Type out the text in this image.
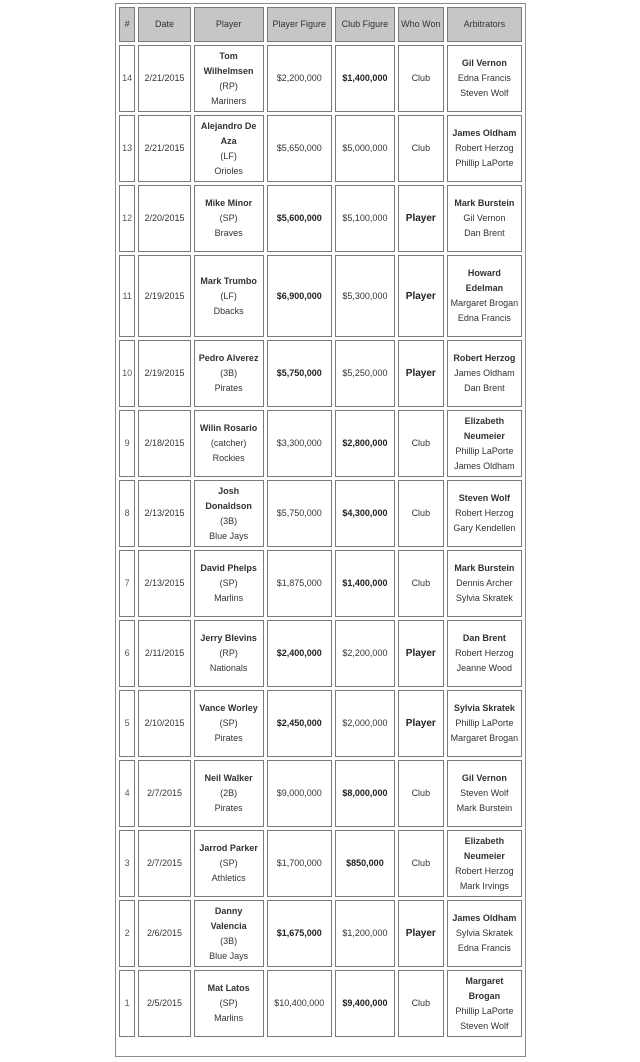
#	Date	Player	Player Figure	Club Figure	Who Won	Arbitrators
14	2/21/2015	Tom Wilhelmsen
(RP)
Mariners	$2,200,000	$1,400,000	Club	Gil Vernon
Edna Francis
Steven Wolf

13	2/21/2015	Alejandro De Aza
(LF)
Orioles	$5,650,000	$5,000,000	Club	James Oldham
Robert Herzog
Phillip LaPorte

12	2/20/2015	Mike Minor
(SP)
Braves	$5,600,000	$5,100,000	Player	Mark Burstein
Gil Vernon
Dan Brent

11	2/19/2015	Mark Trumbo
(LF)
Dbacks	$6,900,000	$5,300,000	Player	Howard Edelman
Margaret Brogan
Edna Francis

10	2/19/2015	Pedro Alverez
(3B)
Pirates	$5,750,000	$5,250,000	Player	Robert Herzog
James Oldham
Dan Brent

9	2/18/2015	Wilin Rosario
(catcher)
Rockies	$3,300,000	$2,800,000	Club	Elizabeth Neumeier
Phillip LaPorte
James Oldham

8	2/13/2015	Josh Donaldson
(3B)
Blue Jays	$5,750,000	$4,300,000	Club	Steven Wolf
Robert Herzog
Gary Kendellen

7	2/13/2015	David Phelps
(SP)
Marlins	$1,875,000	$1,400,000	Club	Mark Burstein
Dennis Archer
Sylvia Skratek

6	2/11/2015	Jerry Blevins
(RP)
Nationals	$2,400,000	$2,200,000	Player	Dan Brent
Robert Herzog
Jeanne Wood

5	2/10/2015	Vance Worley
(SP)
Pirates	$2,450,000	$2,000,000	Player	Sylvia Skratek
Phillip LaPorte
Margaret Brogan

4	2/7/2015	Neil Walker
(2B)
Pirates	$9,000,000	$8,000,000	Club	Gil Vernon
Steven Wolf
Mark Burstein

3	2/7/2015	Jarrod Parker
(SP)
Athletics	$1,700,000	$850,000	Club	Elizabeth Neumeier
Robert Herzog
Mark Irvings

2	2/6/2015	Danny Valencia
(3B)
Blue Jays	$1,675,000	$1,200,000	Player	James Oldham
Sylvia Skratek
Edna Francis

1	2/5/2015	Mat Latos
(SP)
Marlins	$10,400,000	$9,400,000	Club	Margaret Brogan
Phillip LaPorte
Steven Wolf
